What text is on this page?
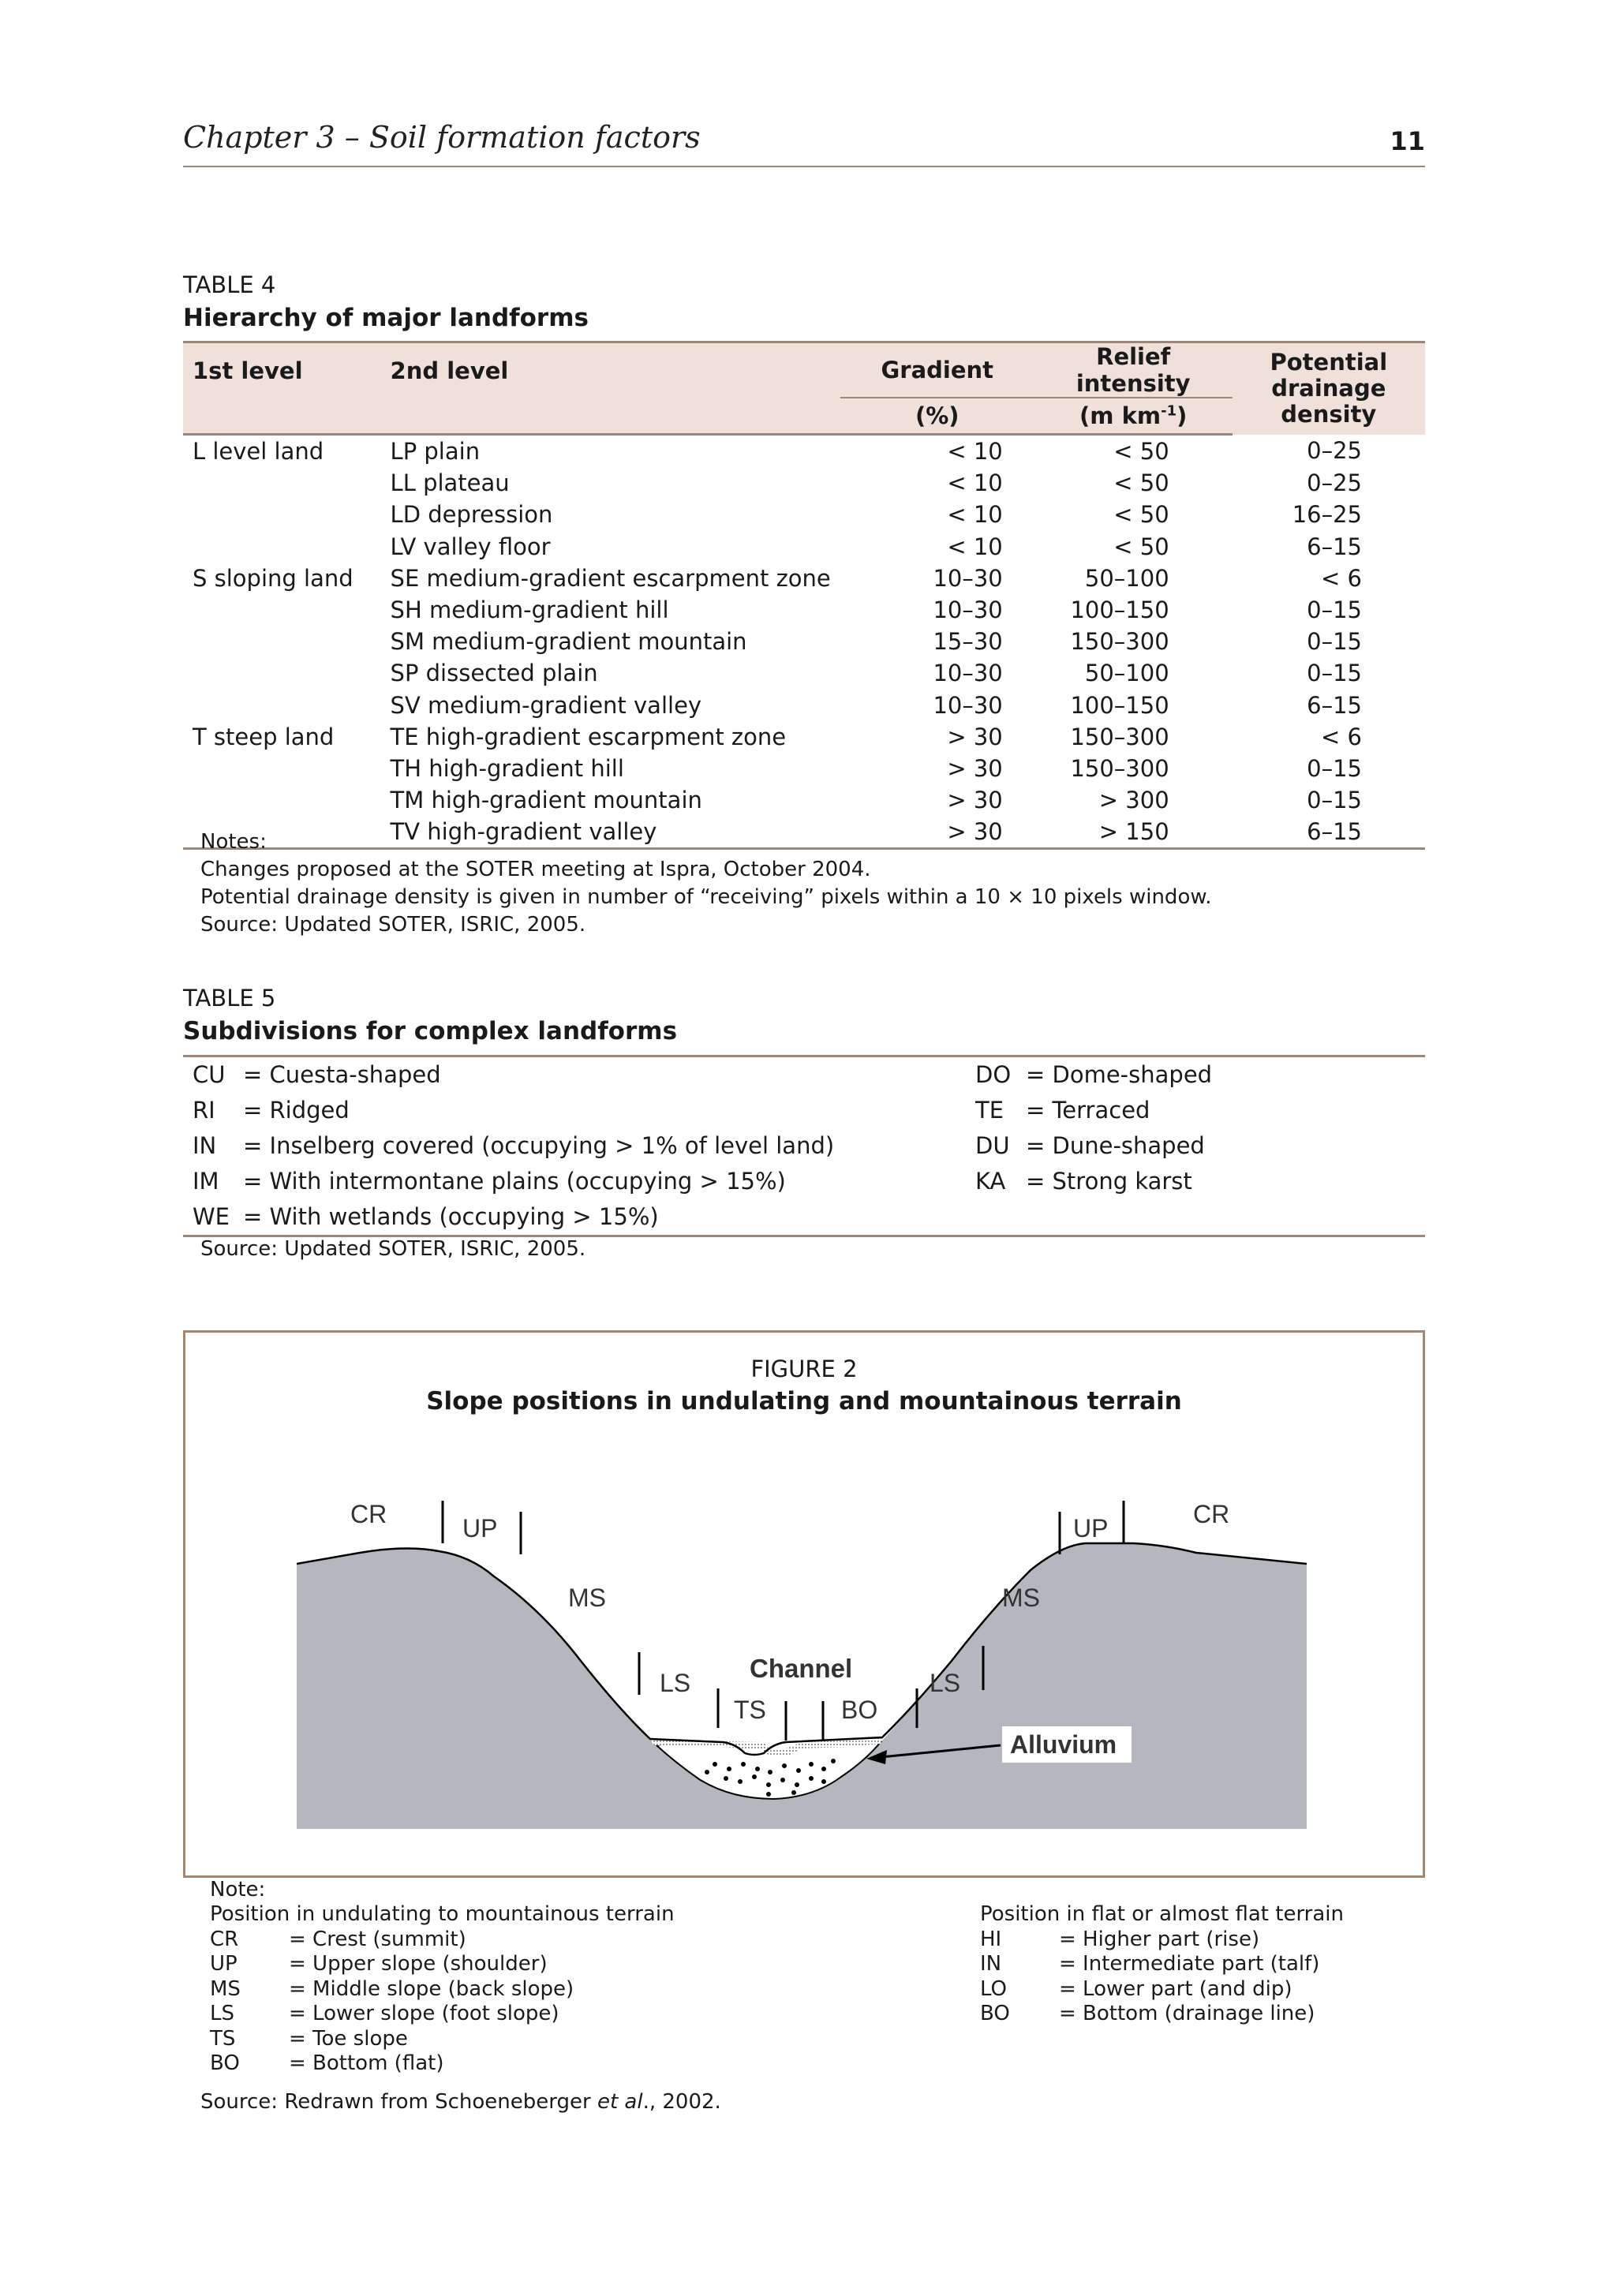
Chapter 3 – Soil formation factors	11
TABLE 4
Hierarchy of major landforms
1st level	2nd level	Gradient	Relief intensity	Potential
drainage density
		(%)	(m $km^{-1}$)	
L level land	LP plain	< 10	< 50	0–25
	LL plateau	< 10	< 50	0–25
	LD depression	< 10	< 50	16–25
	LV valley floor	< 10	< 50	6–15
S sloping land	SE medium-gradient escarpment zone	10–30	50–100	< 6
	SH medium-gradient hill	10–30	100–150	0–15
	SM medium-gradient mountain	15–30	150–300	0–15
	SP dissected plain	10–30	50–100	0–15
	SV medium-gradient valley	10–30	100–150	6–15
T steep land	TE high-gradient escarpment zone	> 30	150–300	< 6
	TH high-gradient hill	> 30	150–300	0–15
	TM high-gradient mountain	> 30	> 300	0–15
	TV high-gradient valley	> 30	> 150	6–15
Notes:
Changes proposed at the SOTER meeting at Ispra, October 2004.
Potential drainage density is given in number of “receiving” pixels within a 10 × 10 pixels window.
Source: Updated SOTER, ISRIC, 2005.
TABLE 5
Subdivisions for complex landforms
CU	= Cuesta-shaped	DO	= Dome-shaped
RI	= Ridged	TE	= Terraced
IN	= Inselberg covered (occupying > 1% of level land)	DU	= Dune-shaped
IM	= With intermontane plains (occupying > 15%)	KA	= Strong karst
WE	= With wetlands (occupying > 15%)		
Source: Updated SOTER, ISRIC, 2005.
FIGURE 2
Slope positions in undulating and mountainous terrain
CR	UP
MS
LS
TS	BO
LS
MS
UP	CR
Channel
Alluvium
Note:
Position in undulating to mountainous terrain
CR = Crest (summit)
UP	= Upper slope (shoulder)
MS = Middle slope (back slope)
LS	= Lower slope (foot slope)
TS	= Toe slope
BO = Bottom (flat)
Position in flat or almost flat terrain
HI	= Higher part (rise)
IN	= Intermediate part (talf)
LO	= Lower part (and dip)
BO = Bottom (drainage line)
Source: Redrawn from Schoeneberger et al., 2002.
